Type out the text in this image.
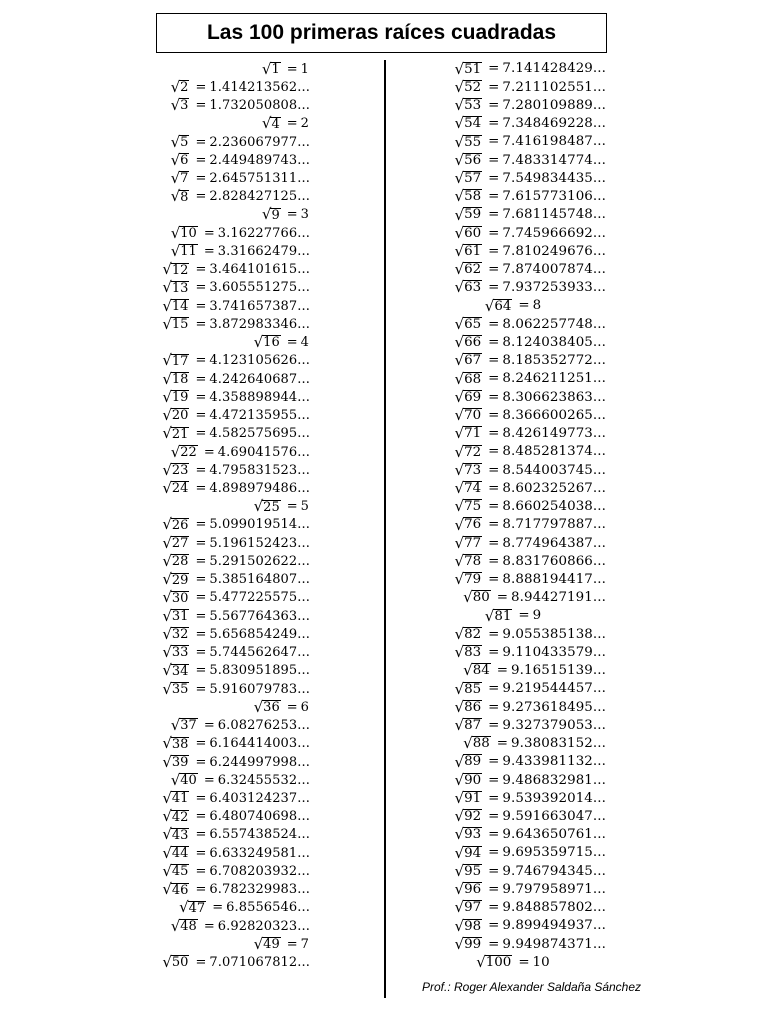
Las 100 primeras raíces cuadradas
√ 1 = 1
√ 2 = 1.414213562...
√ 3 = 1.732050808...
√ 4 = 2
√ 5 = 2.236067977...
√ 6 = 2.449489743...
√ 7 = 2.645751311...
√ 8 = 2.828427125...
√ 9 = 3
√ 10 = 3.16227766...
√ 11 = 3.31662479...
√ 12 = 3.464101615...
√ 13 = 3.605551275...
√ 14 = 3.741657387...
√ 15 = 3.872983346...
√ 16 = 4
√ 17 = 4.123105626...
√ 18 = 4.242640687...
√ 19 = 4.358898944...
√ 20 = 4.472135955...
√ 21 = 4.582575695...
√ 22 = 4.69041576...
√ 23 = 4.795831523...
√ 24 = 4.898979486...
√ 25 = 5
√ 26 = 5.099019514...
√ 27 = 5.196152423...
√ 28 = 5.291502622...
√ 29 = 5.385164807...
√ 30 = 5.477225575...
√ 31 = 5.567764363...
√ 32 = 5.656854249...
√ 33 = 5.744562647...
√ 34 = 5.830951895...
√ 35 = 5.916079783...
√ 36 = 6
√ 37 = 6.08276253...
√ 38 = 6.164414003...
√ 39 = 6.244997998...
√ 40 = 6.32455532...
√ 41 = 6.403124237...
√ 42 = 6.480740698...
√ 43 = 6.557438524...
√ 44 = 6.633249581...
√ 45 = 6.708203932...
√ 46 = 6.782329983...
√ 47 = 6.8556546...
√ 48 = 6.92820323...
√ 49 = 7
√ 50 = 7.071067812...
√ 51 = 7.141428429...
√ 52 = 7.211102551...
√ 53 = 7.280109889...
√ 54 = 7.348469228...
√ 55 = 7.416198487...
√ 56 = 7.483314774...
√ 57 = 7.549834435...
√ 58 = 7.615773106...
√ 59 = 7.681145748...
√ 60 = 7.745966692...
√ 61 = 7.810249676...
√ 62 = 7.874007874...
√ 63 = 7.937253933...
√ 64 = 8
√ 65 = 8.062257748...
√ 66 = 8.124038405...
√ 67 = 8.185352772...
√ 68 = 8.246211251...
√ 69 = 8.306623863...
√ 70 = 8.366600265...
√ 71 = 8.426149773...
√ 72 = 8.485281374...
√ 73 = 8.544003745...
√ 74 = 8.602325267...
√ 75 = 8.660254038...
√ 76 = 8.717797887...
√ 77 = 8.774964387...
√ 78 = 8.831760866...
√ 79 = 8.888194417...
√ 80 = 8.94427191...
√ 81 = 9
√ 82 = 9.055385138...
√ 83 = 9.110433579...
√ 84 = 9.16515139...
√ 85 = 9.219544457...
√ 86 = 9.273618495...
√ 87 = 9.327379053...
√ 88 = 9.38083152...
√ 89 = 9.433981132...
√ 90 = 9.486832981...
√ 91 = 9.539392014...
√ 92 = 9.591663047...
√ 93 = 9.643650761...
√ 94 = 9.695359715...
√ 95 = 9.746794345...
√ 96 = 9.797958971...
√ 97 = 9.848857802...
√ 98 = 9.899494937...
√ 99 = 9.949874371...
√ 100 = 10
Prof.: Roger Alexander Saldaña Sánchez
